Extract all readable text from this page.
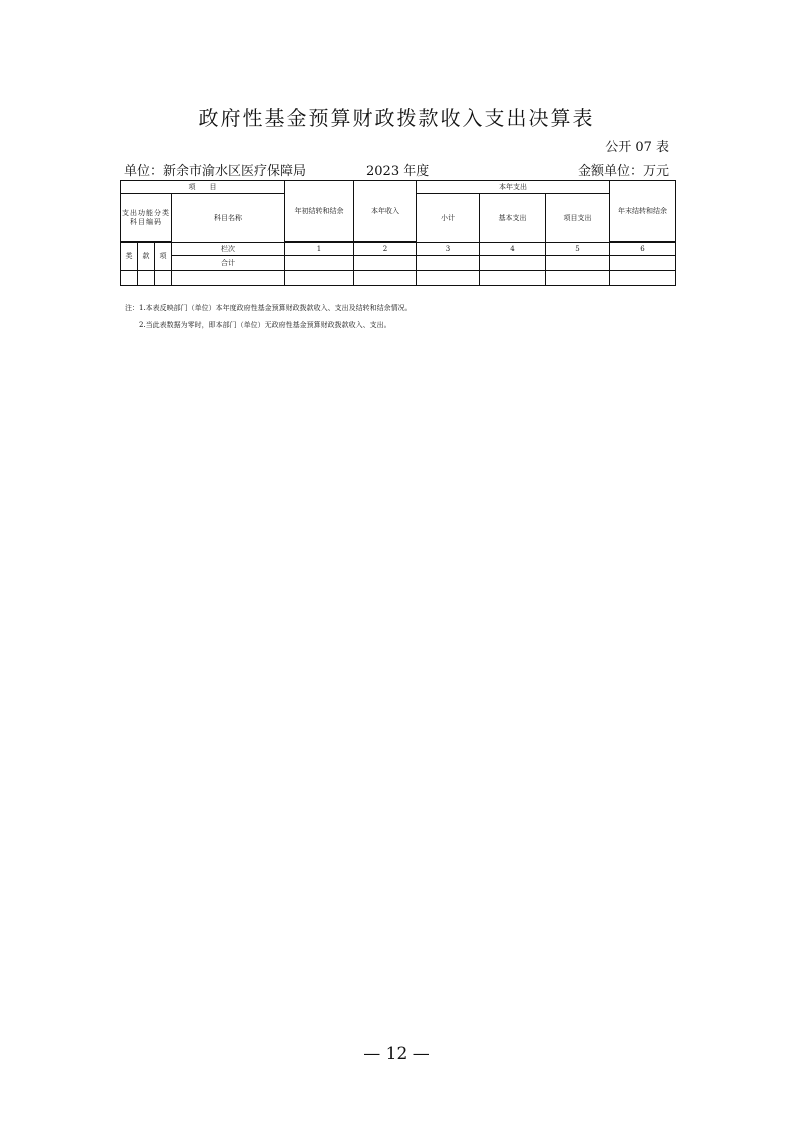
政府性基金预算财政拨款收入支出决算表
公开 07 表
单位：新余市渝水区医疗保障局	2023 年度	金额单位：万元
项　　目				年初结转和结余	本年收入	本年支出			年末结转和结余
支出功能分类科目编码			科目名称			小计	基本支出	项目支出	

类	款	项	栏次	1	2	3	4	5	6
			合计						

注：1.本表反映部门（单位）本年度政府性基金预算财政拨款收入、支出及结转和结余情况。
2.当此表数据为零时，即本部门（单位）无政府性基金预算财政拨款收入、支出。
— 12 —
